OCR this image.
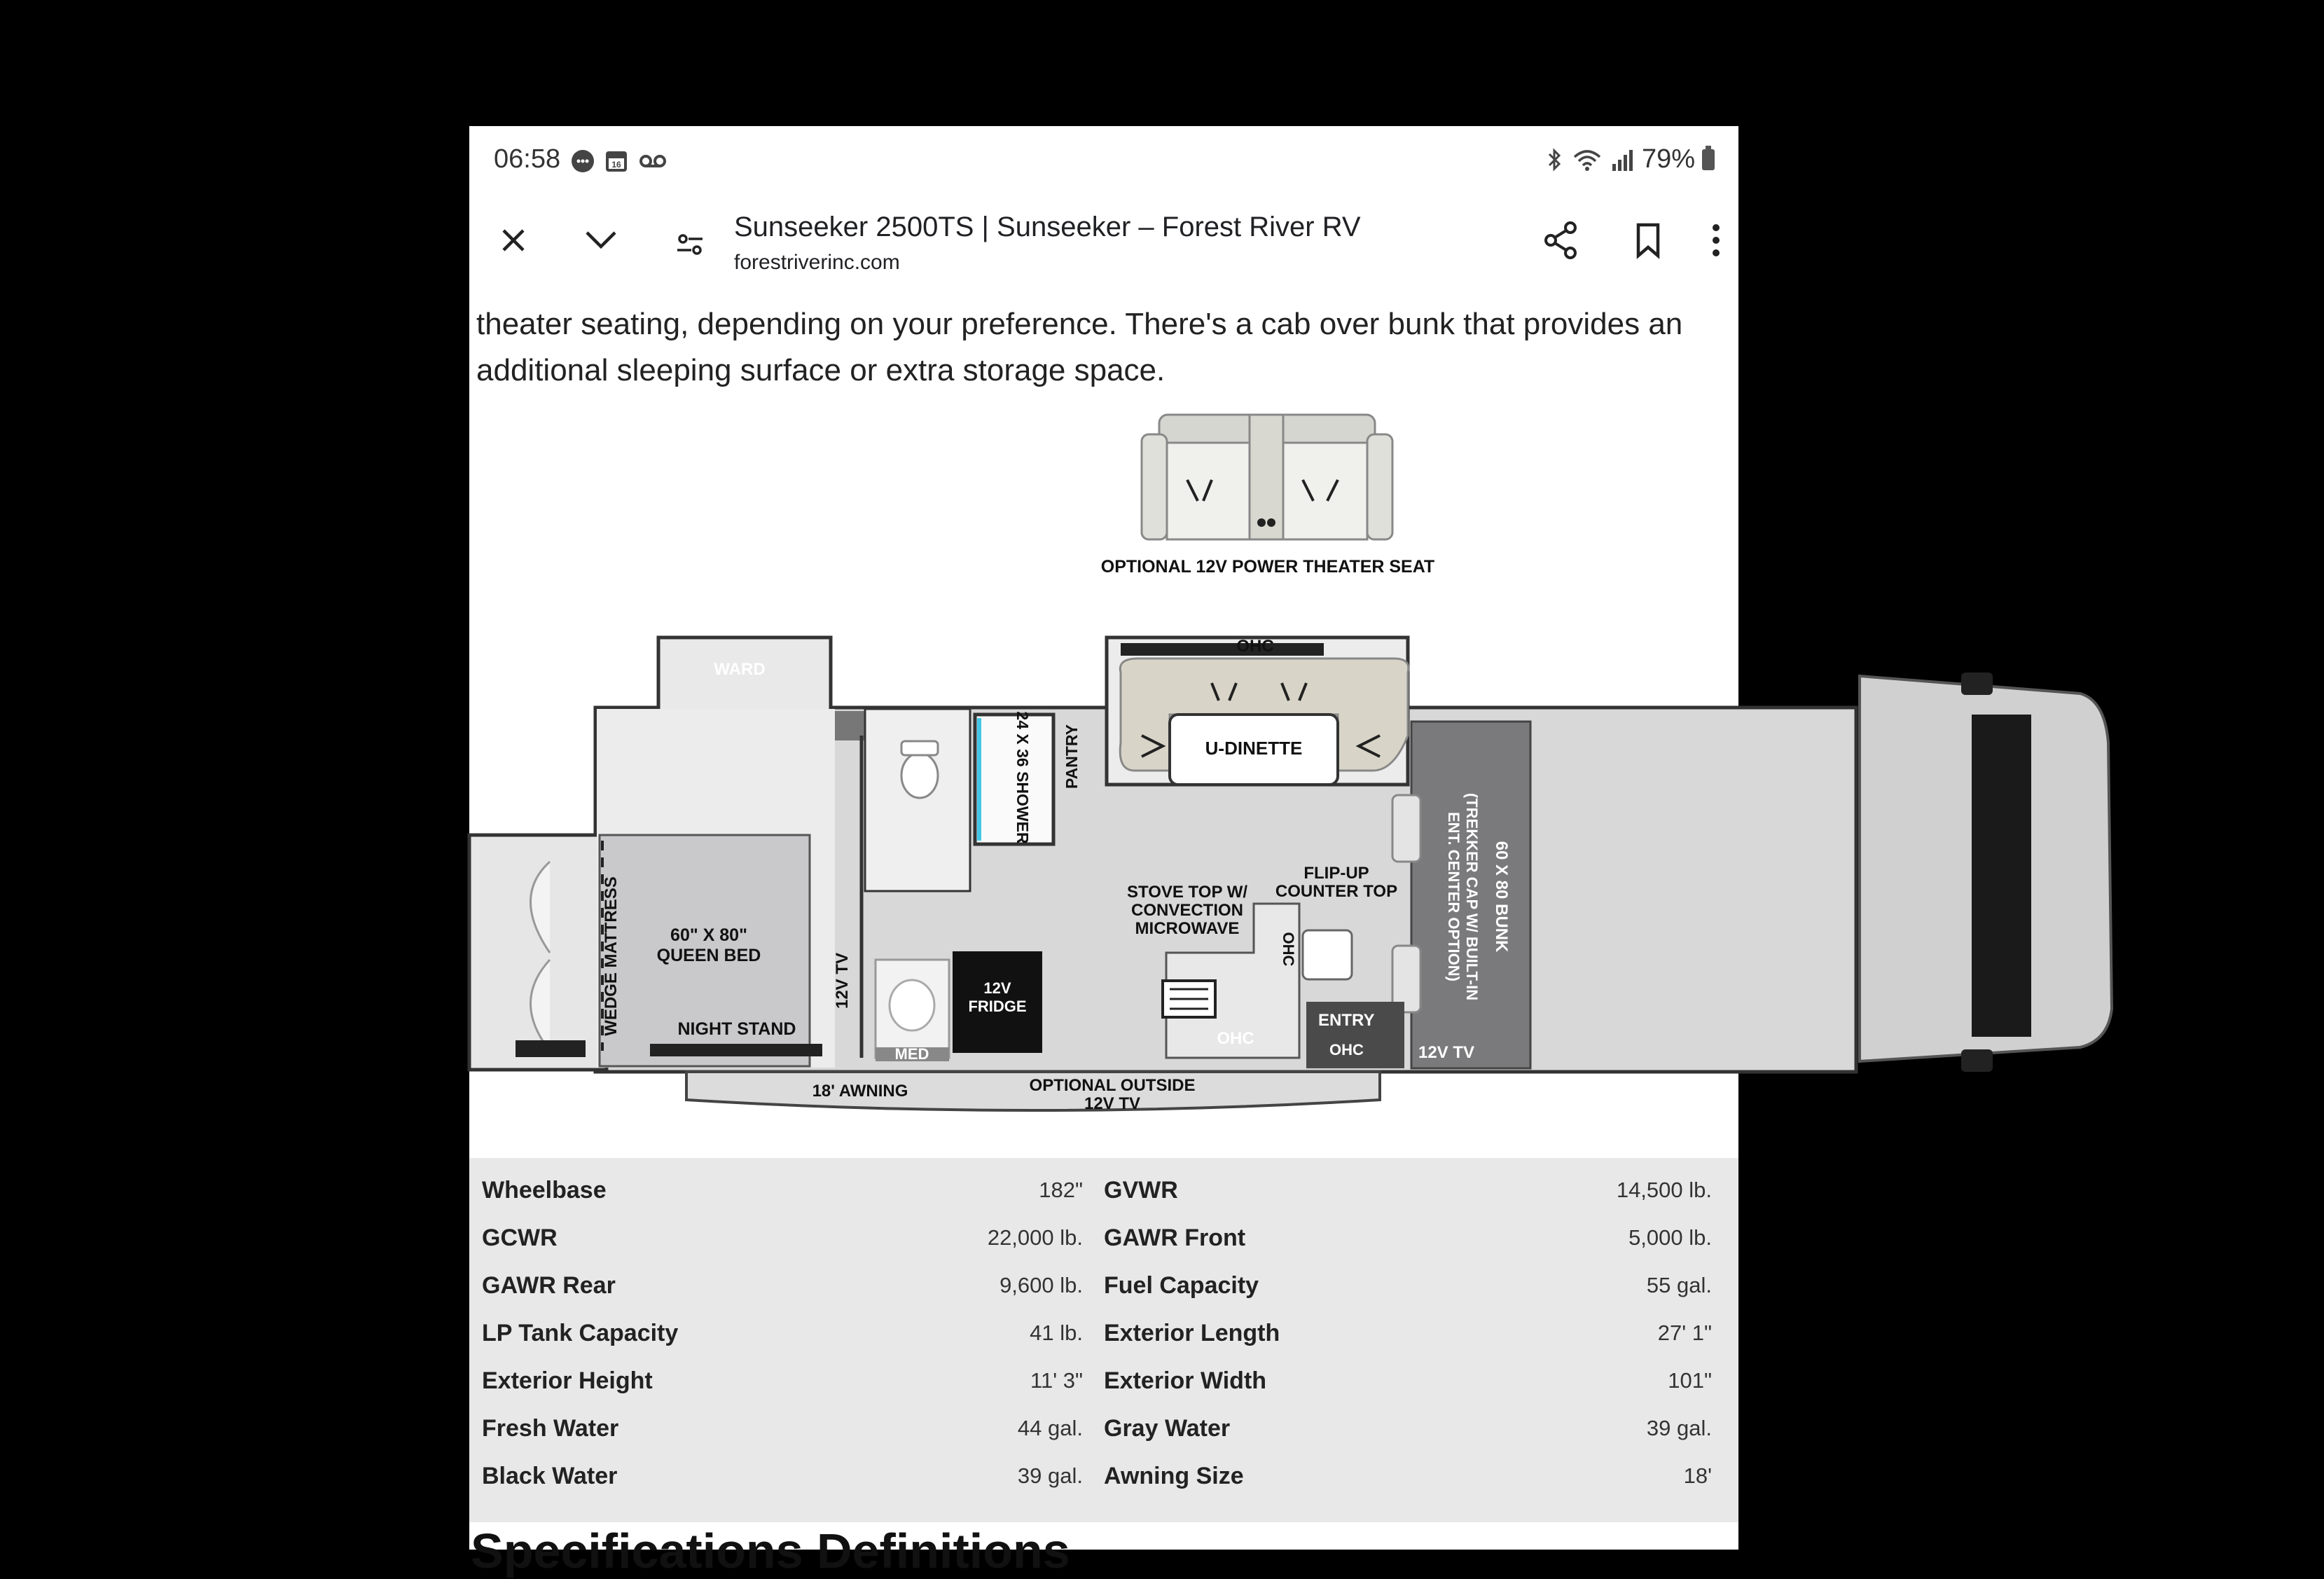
06:58	16	79%
Sunseeker 2500TS | Sunseeker – Forest River RV
forestriverinc.com

theater seating, depending on your preference. There's a cab over bunk that provides an additional sleeping surface or extra storage space.

OPTIONAL 12V POWER THEATER SEAT
WARD
WEDGE MATTRESS	60" X 80"
QUEEN BED
NIGHT STAND
12V TV
24 X 36 SHOWER PANTRY
OHC
U-DINETTE
60 X 80 BUNK
(TREKKER CAP W/ BUILT-IN
ENT. CENTER OPTION)
12V TV
STOVE TOP W/
CONVECTION
MICROWAVE
FLIP-UP
COUNTER TOP
OHC
OHC
12V
FRIDGE
MED
ENTRY
OHC
18' AWNING	OPTIONAL OUTSIDE
12V TV
Wheelbase	182" GVWR	14,500 lb.
GCWR	22,000 lb. GAWR Front	5,000 lb.
GAWR Rear	9,600 lb. Fuel Capacity	55 gal.
LP Tank Capacity	41 lb. Exterior Length	27' 1"
Exterior Height	11' 3" Exterior Width	101"
Fresh Water	44 gal. Gray Water	39 gal.
Black Water	39 gal. Awning Size	18'
Specifications Definitions
